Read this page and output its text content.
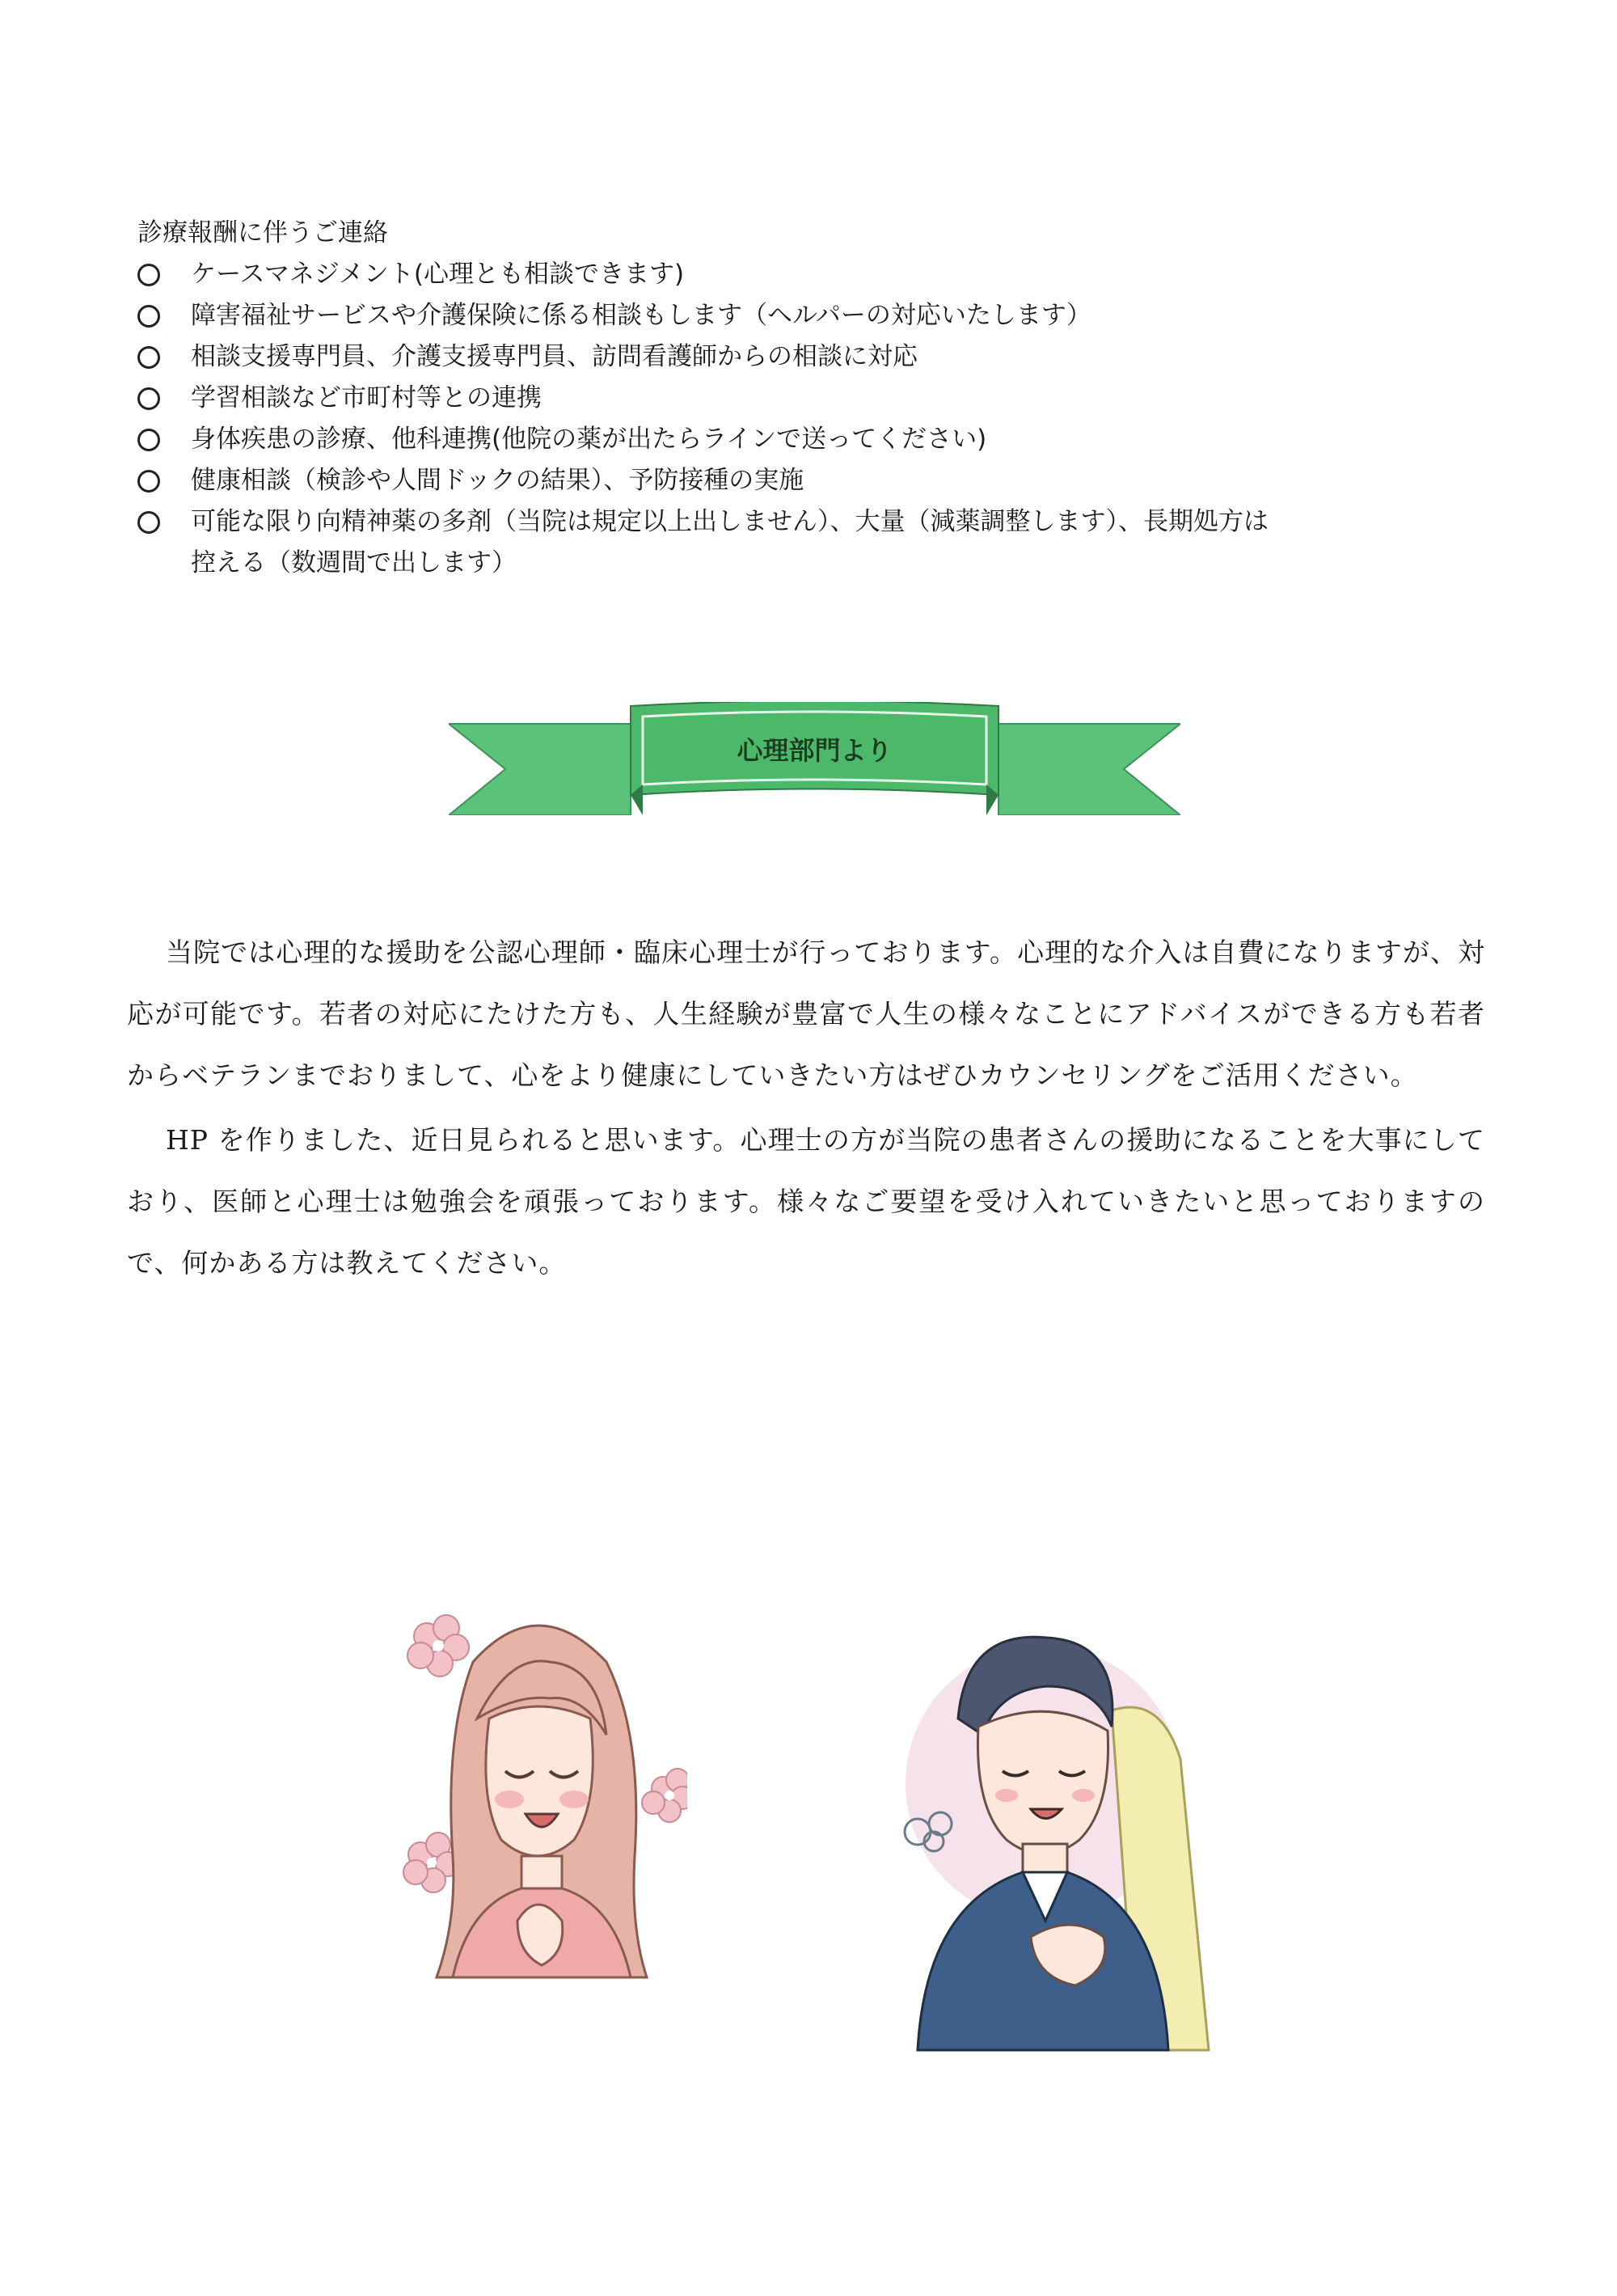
診療報酬に伴うご連絡

ケースマネジメント(心理とも相談できます)
障害福祉サービスや介護保険に係る相談もします（ヘルパーの対応いたします）
相談支援専門員、介護支援専門員、訪問看護師からの相談に対応
学習相談など市町村等との連携
身体疾患の診療、他科連携(他院の薬が出たらラインで送ってください)
健康相談（検診や人間ドックの結果）、予防接種の実施
可能な限り向精神薬の多剤（当院は規定以上出しません）、大量（減薬調整します）、長期処方は
控える（数週間で出します）
心理部門より

当院では心理的な援助を公認心理師・臨床心理士が行っております。心理的な介入は自費になりますが、対応が可能です。若者の対応にたけた方も、人生経験が豊富で人生の様々なことにアドバイスができる方も若者からベテランまでおりまして、心をより健康にしていきたい方はぜひカウンセリングをご活用ください。

HP を作りました、近日見られると思います。心理士の方が当院の患者さんの援助になることを大事にしており、医師と心理士は勉強会を頑張っております。様々なご要望を受け入れていきたいと思っておりますので、何かある方は教えてください。
